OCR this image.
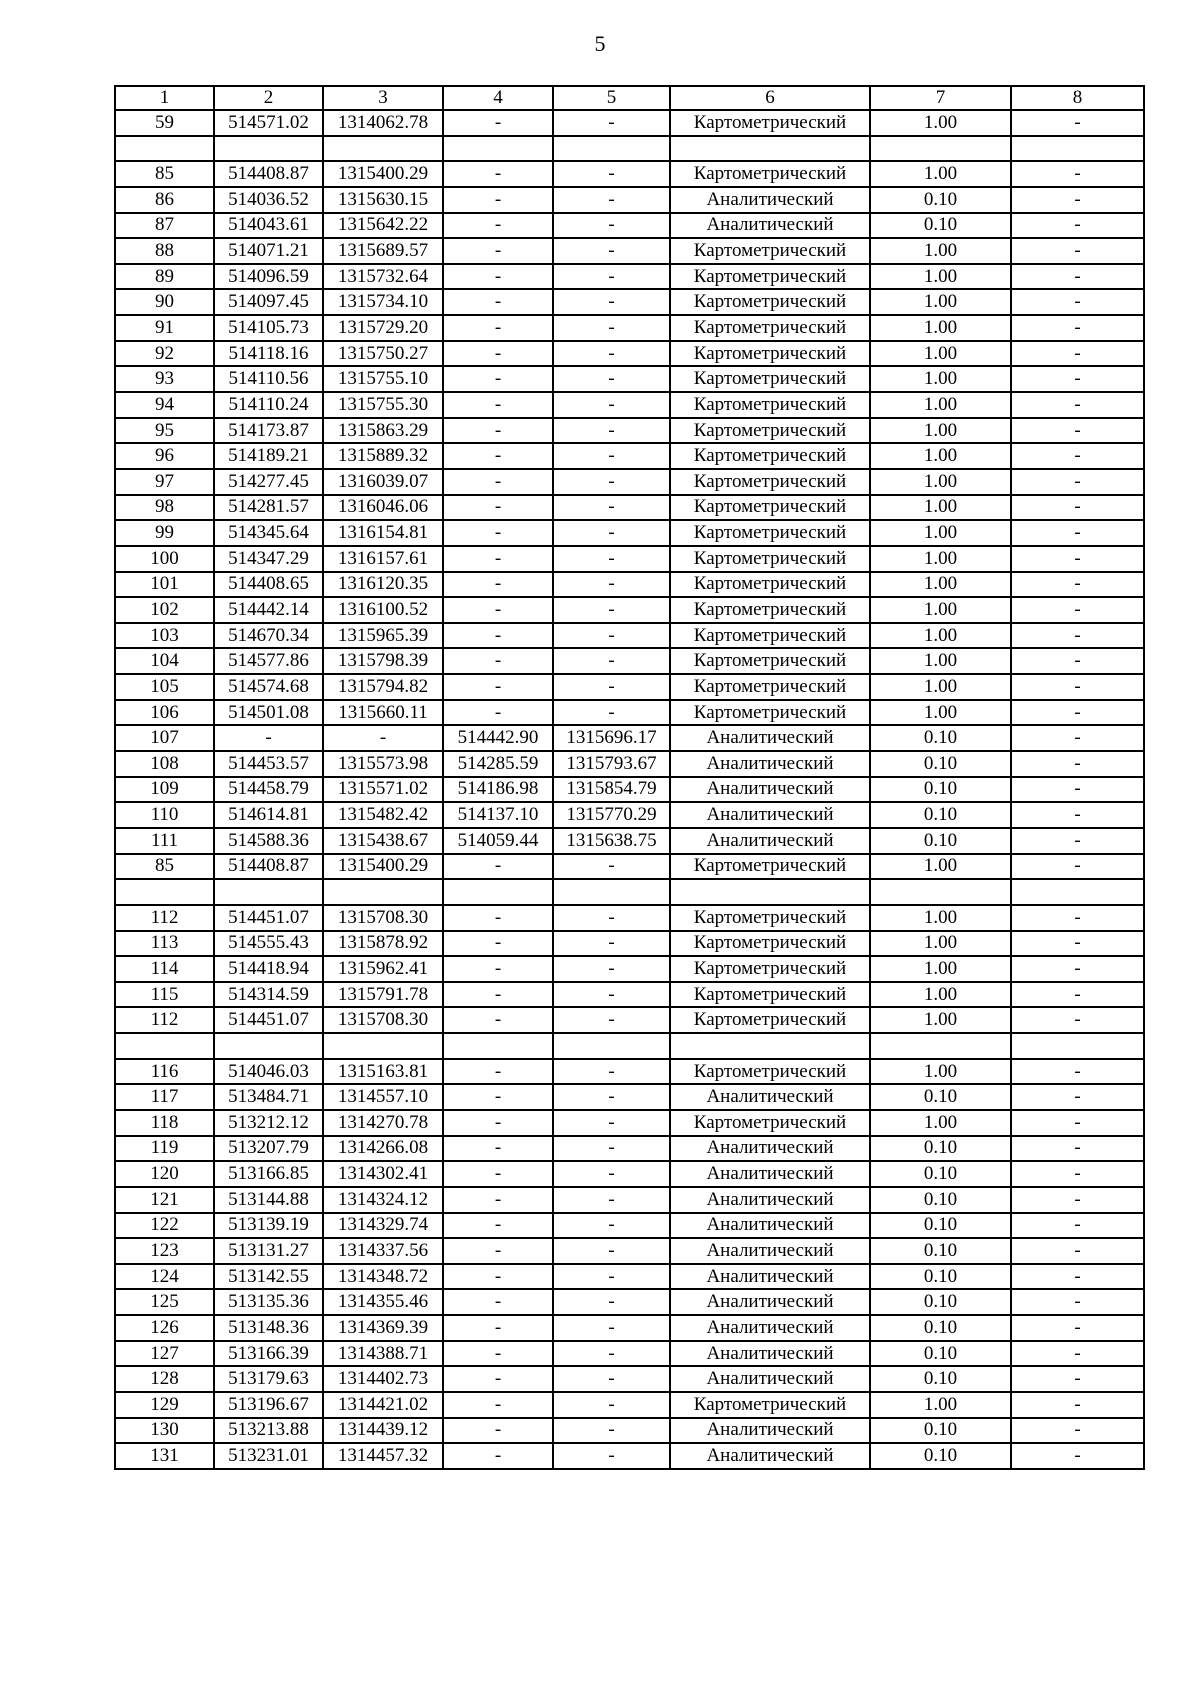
5
1	2	3	4	5	6	7	8
59	514571.02	1314062.78	-	-	Картометрический	1.00	-

85	514408.87	1315400.29	-	-	Картометрический	1.00	-
86	514036.52	1315630.15	-	-	Аналитический	0.10	-
87	514043.61	1315642.22	-	-	Аналитический	0.10	-
88	514071.21	1315689.57	-	-	Картометрический	1.00	-
89	514096.59	1315732.64	-	-	Картометрический	1.00	-
90	514097.45	1315734.10	-	-	Картометрический	1.00	-
91	514105.73	1315729.20	-	-	Картометрический	1.00	-
92	514118.16	1315750.27	-	-	Картометрический	1.00	-
93	514110.56	1315755.10	-	-	Картометрический	1.00	-
94	514110.24	1315755.30	-	-	Картометрический	1.00	-
95	514173.87	1315863.29	-	-	Картометрический	1.00	-
96	514189.21	1315889.32	-	-	Картометрический	1.00	-
97	514277.45	1316039.07	-	-	Картометрический	1.00	-
98	514281.57	1316046.06	-	-	Картометрический	1.00	-
99	514345.64	1316154.81	-	-	Картометрический	1.00	-
100	514347.29	1316157.61	-	-	Картометрический	1.00	-
101	514408.65	1316120.35	-	-	Картометрический	1.00	-
102	514442.14	1316100.52	-	-	Картометрический	1.00	-
103	514670.34	1315965.39	-	-	Картометрический	1.00	-
104	514577.86	1315798.39	-	-	Картометрический	1.00	-
105	514574.68	1315794.82	-	-	Картометрический	1.00	-
106	514501.08	1315660.11	-	-	Картометрический	1.00	-
107	-	-	514442.90	1315696.17	Аналитический	0.10	-
108	514453.57	1315573.98	514285.59	1315793.67	Аналитический	0.10	-
109	514458.79	1315571.02	514186.98	1315854.79	Аналитический	0.10	-
110	514614.81	1315482.42	514137.10	1315770.29	Аналитический	0.10	-
111	514588.36	1315438.67	514059.44	1315638.75	Аналитический	0.10	-
85	514408.87	1315400.29	-	-	Картометрический	1.00	-

112	514451.07	1315708.30	-	-	Картометрический	1.00	-
113	514555.43	1315878.92	-	-	Картометрический	1.00	-
114	514418.94	1315962.41	-	-	Картометрический	1.00	-
115	514314.59	1315791.78	-	-	Картометрический	1.00	-
112	514451.07	1315708.30	-	-	Картометрический	1.00	-

116	514046.03	1315163.81	-	-	Картометрический	1.00	-
117	513484.71	1314557.10	-	-	Аналитический	0.10	-
118	513212.12	1314270.78	-	-	Картометрический	1.00	-
119	513207.79	1314266.08	-	-	Аналитический	0.10	-
120	513166.85	1314302.41	-	-	Аналитический	0.10	-
121	513144.88	1314324.12	-	-	Аналитический	0.10	-
122	513139.19	1314329.74	-	-	Аналитический	0.10	-
123	513131.27	1314337.56	-	-	Аналитический	0.10	-
124	513142.55	1314348.72	-	-	Аналитический	0.10	-
125	513135.36	1314355.46	-	-	Аналитический	0.10	-
126	513148.36	1314369.39	-	-	Аналитический	0.10	-
127	513166.39	1314388.71	-	-	Аналитический	0.10	-
128	513179.63	1314402.73	-	-	Аналитический	0.10	-
129	513196.67	1314421.02	-	-	Картометрический	1.00	-
130	513213.88	1314439.12	-	-	Аналитический	0.10	-
131	513231.01	1314457.32	-	-	Аналитический	0.10	-
